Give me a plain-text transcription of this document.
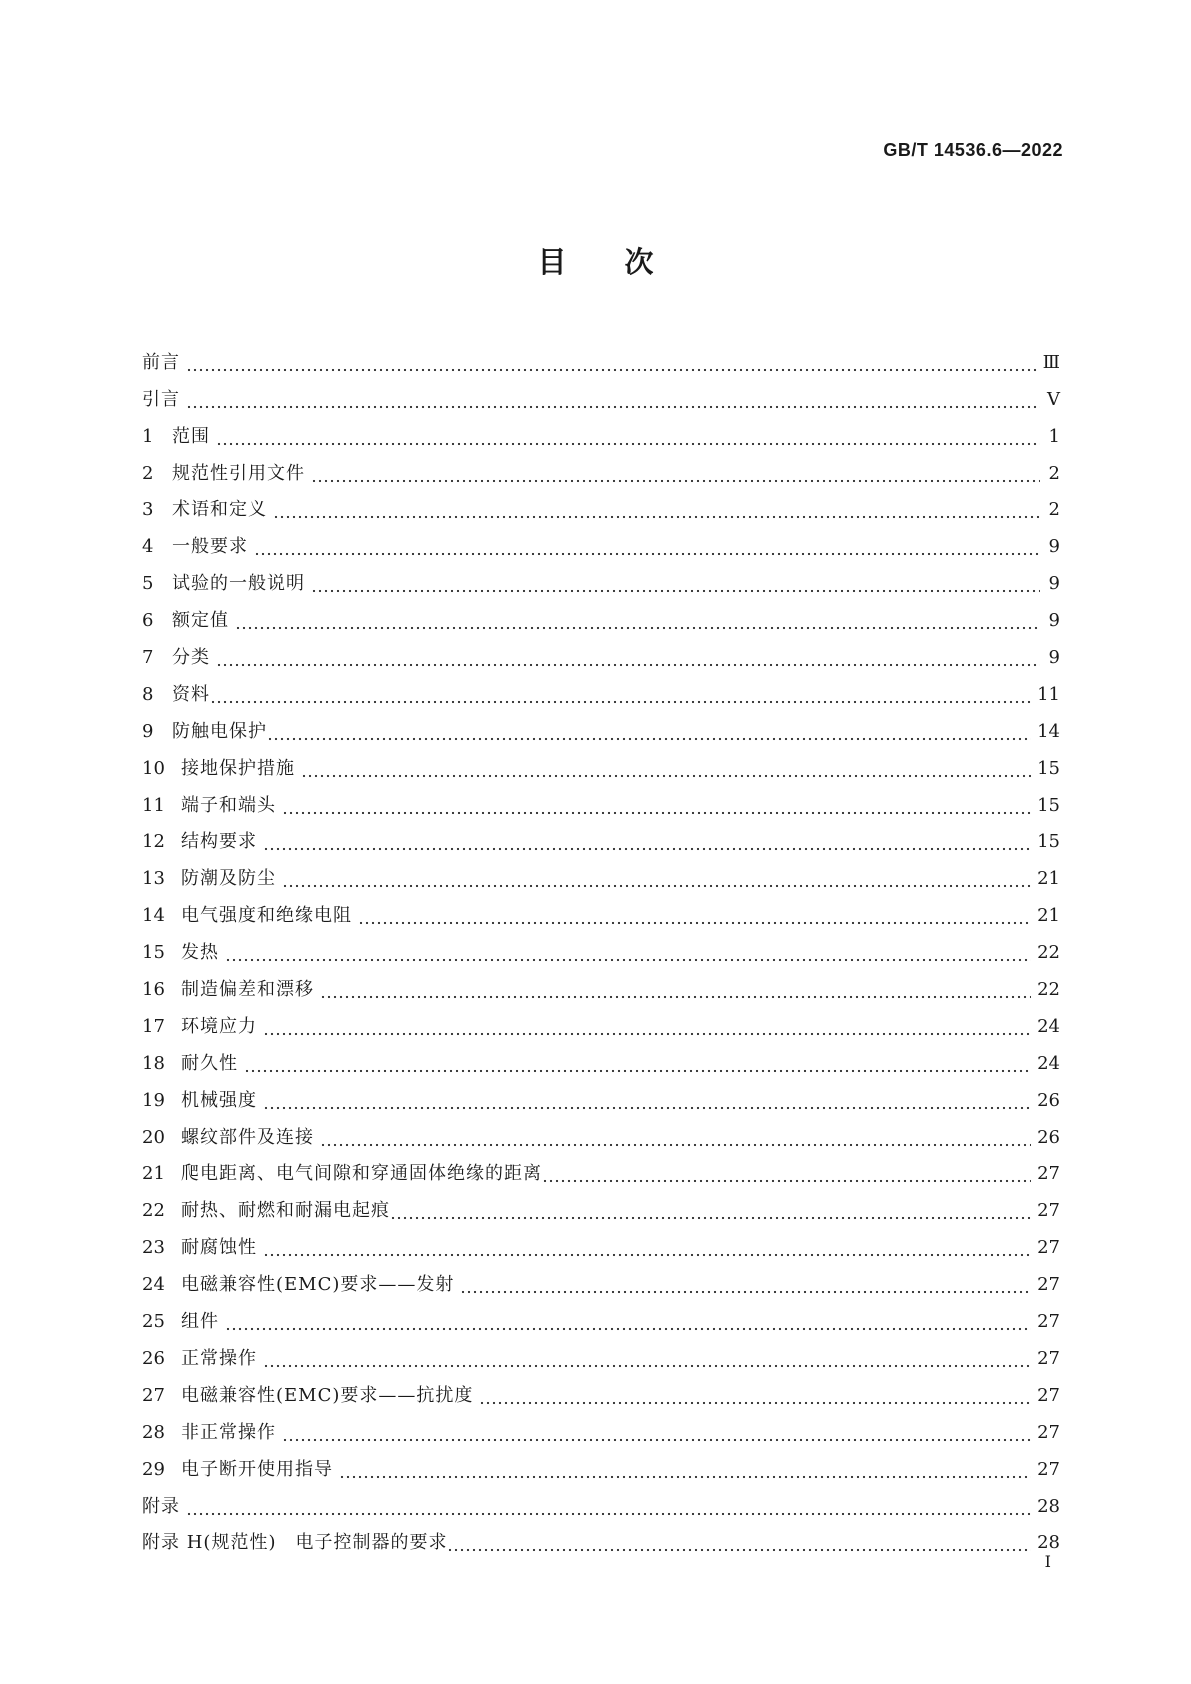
GB/T 14536.6—2022
目次
前言	Ⅲ
引言	Ⅴ
1	范围	1
2	规范性引用文件	2
3	术语和定义	2
4	一般要求	9
5	试验的一般说明	9
6	额定值	9
7	分类	9
8	资料	11
9	防触电保护	14
10 接地保护措施	15
11 端子和端头	15
12 结构要求	15
13 防潮及防尘	21
14 电气强度和绝缘电阻	21
15 发热	22
16 制造偏差和漂移	22
17 环境应力	24
18 耐久性	24
19 机械强度	26
20 螺纹部件及连接	26
21 爬电距离、电气间隙和穿通固体绝缘的距离	27
22 耐热、耐燃和耐漏电起痕	27
23 耐腐蚀性	27
24 电磁兼容性(EMC)要求——发射	27
25 组件	27
26 正常操作	27
27 电磁兼容性(EMC)要求——抗扰度	27
28 非正常操作	27
29 电子断开使用指导	27
附录	28
附录 H(规范性)　电子控制器的要求	28
Ⅰ
